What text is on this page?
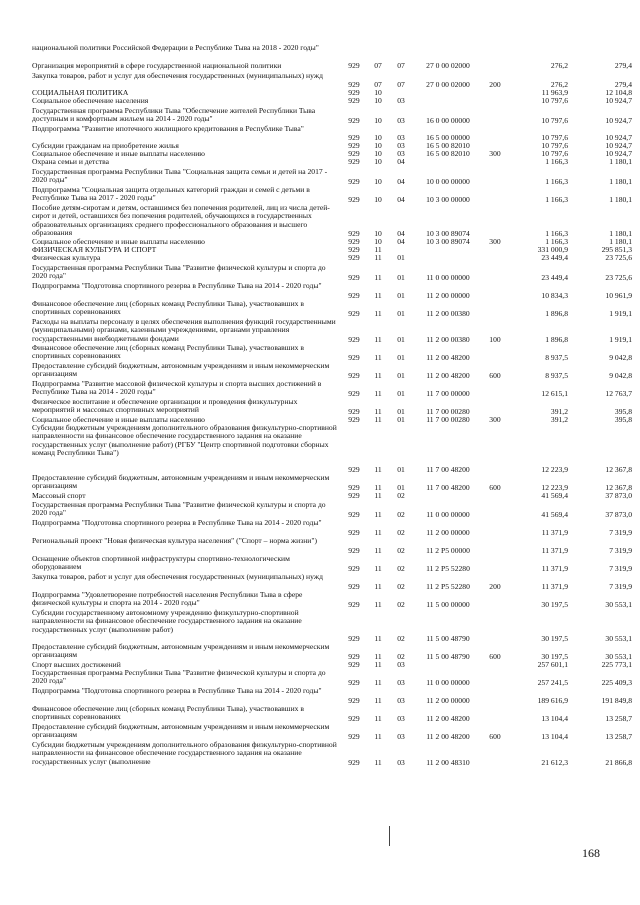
национальной политики Российской Федерации в Республике Тыва на 2018 - 2020 годы"
Организация мероприятий в сфере государственной национальной политики	929	07	07	27 0 00 02000	276,2	279,4
Закупка товаров, работ и услуг для обеспечения государственных (муниципальных) нужд
929	07	07	27 0 00 02000	200	276,2	279,4
СОЦИАЛЬНАЯ ПОЛИТИКА	929	10	11 963,9	12 104,8
Социальное обеспечение населения	929	10	03	10 797,6	10 924,7
Государственная программа Республики Тыва "Обеспечение жителей Республики Тыва доступным и комфортным жильем на 2014 - 2020 годы"	929	10	03	16 0 00 00000	10 797,6	10 924,7
Подпрограмма "Развитие ипотечного жилищного кредитования в Республике Тыва"
929	10	03	16 5 00 00000	10 797,6	10 924,7
Субсидии гражданам на приобретение жилья	929	10	03	16 5 00 82010	10 797,6	10 924,7
Социальное обеспечение и иные выплаты населению	929	10	03	16 5 00 82010	300	10 797,6	10 924,7
Охрана семьи и детства	929	10	04	1 166,3	1 180,1
Государственная программа Республики Тыва "Социальная защита семьи и детей на 2017 - 2020 годы"	929	10	04	10 0 00 00000	1 166,3	1 180,1
Подпрограмма "Социальная защита отдельных категорий граждан и семей с детьми в Республике Тыва на 2017 - 2020 годы"	929	10	04	10 3 00 00000	1 166,3	1 180,1
Пособие детям-сиротам и детям, оставшимся без попечения родителей, лиц из числа детей-сирот и детей, оставшихся без попечения родителей, обучающихся в государственных образовательных организациях среднего профессионального образования и высшего образования	929	10	04	10 3 00 89074	1 166,3	1 180,1
Социальное обеспечение и иные выплаты населению	929	10	04	10 3 00 89074	300	1 166,3	1 180,1
ФИЗИЧЕСКАЯ КУЛЬТУРА И СПОРТ	929	11	331 000,9	295 851,3
Физическая культура	929	11	01	23 449,4	23 725,6
Государственная программа Республики Тыва "Развитие физической культуры и спорта до 2020 года"	929	11	01	11 0 00 00000	23 449,4	23 725,6
Подпрограмма "Подготовка спортивного резерва в Республике Тыва на 2014 - 2020 годы"
929	11	01	11 2 00 00000	10 834,3	10 961,9
Финансовое обеспечение лиц (сборных команд Республики Тыва), участвовавших в спортивных соревнованиях	929	11	01	11 2 00 00380	1 896,8	1 919,1
Расходы на выплаты персоналу в целях обеспечения выполнения функций государственными (муниципальными) органами, казенными учреждениями, органами управления государственными внебюджетными фондами	929	11	01	11 2 00 00380	100	1 896,8	1 919,1
Финансовое обеспечение лиц (сборных команд Республики Тыва), участвовавших в спортивных соревнованиях	929	11	01	11 2 00 48200	8 937,5	9 042,8
Предоставление субсидий бюджетным, автономным учреждениям и иным некоммерческим организациям	929	11	01	11 2 00 48200	600	8 937,5	9 042,8
Подпрограмма "Развитие массовой физической культуры и спорта высших достижений в Республике Тыва на 2014 - 2020 годы"	929	11	01	11 7 00 00000	12 615,1	12 763,7
Физическое воспитание и обеспечение организации и проведения физкультурных мероприятий и массовых спортивных мероприятий	929	11	01	11 7 00 00280	391,2	395,8
Социальное обеспечение и иные выплаты населению	929	11	01	11 7 00 00280	300	391,2	395,8
Субсидии бюджетным учреждениям дополнительного образования физкультурно-спортивной направленности на финансовое обеспечение государственного задания на оказание государственных услуг (выполнение работ) (РГБУ "Центр спортивной подготовки сборных команд Республики Тыва")
929	11	01	11 7 00 48200	12 223,9	12 367,8
Предоставление субсидий бюджетным, автономным учреждениям и иным некоммерческим организациям	929	11	01	11 7 00 48200	600	12 223,9	12 367,8
Массовый спорт	929	11	02	41 569,4	37 873,0
Государственная программа Республики Тыва "Развитие физической культуры и спорта до 2020 года"	929	11	02	11 0 00 00000	41 569,4	37 873,0
Подпрограмма "Подготовка спортивного резерва в Республике Тыва на 2014 - 2020 годы"
929	11	02	11 2 00 00000	11 371,9	7 319,9
Региональный проект "Новая физическая культура населения" ("Спорт – норма жизни")
929	11	02	11 2 Р5 00000	11 371,9	7 319,9
Оснащение объектов спортивной инфраструктуры спортивно-технологическим оборудованием	929	11	02	11 2 Р5 52280	11 371,9	7 319,9
Закупка товаров, работ и услуг для обеспечения государственных (муниципальных) нужд
929	11	02	11 2 Р5 52280	200	11 371,9	7 319,9
Подпрограмма "Удовлетворение потребностей населения Республики Тыва в сфере физической культуры и спорта на 2014 - 2020 годы"	929	11	02	11 5 00 00000	30 197,5	30 553,1
Субсидии государственному автономному учреждению физкультурно-спортивной направленности на финансовое обеспечение государственного задания на оказание государственных услуг (выполнение работ)
929	11	02	11 5 00 48790	30 197,5	30 553,1
Предоставление субсидий бюджетным, автономным учреждениям и иным некоммерческим организациям	929	11	02	11 5 00 48790	600	30 197,5	30 553,1
Спорт высших достижений	929	11	03	257 601,1	225 773,1
Государственная программа Республики Тыва "Развитие физической культуры и спорта до 2020 года"	929	11	03	11 0 00 00000	257 241,5	225 409,3
Подпрограмма "Подготовка спортивного резерва в Республике Тыва на 2014 - 2020 годы"
929	11	03	11 2 00 00000	189 616,9	191 849,8
Финансовое обеспечение лиц (сборных команд Республики Тыва), участвовавших в спортивных соревнованиях	929	11	03	11 2 00 48200	13 104,4	13 258,7
Предоставление субсидий бюджетным, автономным учреждениям и иным некоммерческим организациям	929	11	03	11 2 00 48200	600	13 104,4	13 258,7
Субсидии бюджетным учреждениям дополнительного образования физкультурно-спортивной направленности на финансовое обеспечение государственного задания на оказание государственных услуг (выполнение	929	11	03	11 2 00 48310	21 612,3	21 866,8
168
